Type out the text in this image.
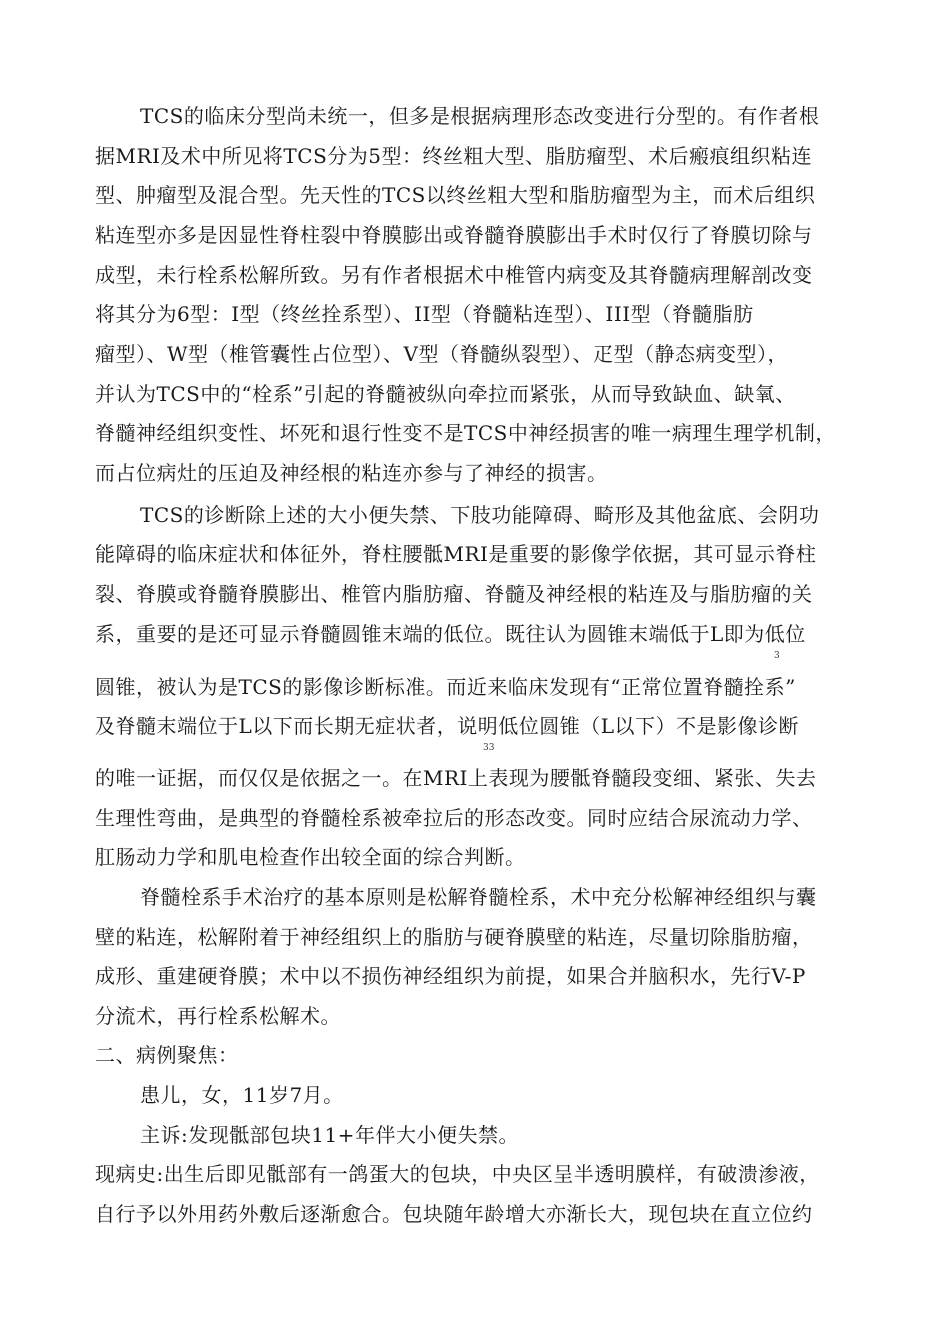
TCS的临床分型尚未统一，但多是根据病理形态改变进行分型的。有作者根
据MRI及术中所见将TCS分为5型：终丝粗大型、脂肪瘤型、术后瘢痕组织粘连
型、肿瘤型及混合型。先天性的TCS以终丝粗大型和脂肪瘤型为主，而术后组织
粘连型亦多是因显性脊柱裂中脊膜膨出或脊髓脊膜膨出手术时仅行了脊膜切除与
成型，未行栓系松解所致。另有作者根据术中椎管内病变及其脊髓病理解剖改变
将其分为6型：I型（终丝拴系型）、II型（脊髓粘连型）、III型（脊髓脂肪
瘤型）、W型（椎管囊性占位型）、V型（脊髓纵裂型）、疋型（静态病变型），
并认为TCS中的“栓系”引起的脊髓被纵向牵拉而紧张，从而导致缺血、缺氧、
脊髓神经组织变性、坏死和退行性变不是TCS中神经损害的唯一病理生理学机制，
而占位病灶的压迫及神经根的粘连亦参与了神经的损害。
TCS的诊断除上述的大小便失禁、下肢功能障碍、畸形及其他盆底、会阴功
能障碍的临床症状和体征外，脊柱腰骶MRI是重要的影像学依据，其可显示脊柱
裂、脊膜或脊髓脊膜膨出、椎管内脂肪瘤、脊髓及神经根的粘连及与脂肪瘤的关
系，重要的是还可显示脊髓圆锥末端的低位。既往认为圆锥末端低于L即为低位
3
圆锥，被认为是TCS的影像诊断标准。而近来临床发现有“正常位置脊髓拴系”
及脊髓末端位于L以下而长期无症状者，说明低位圆锥（L以下）不是影像诊断
33
的唯一证据，而仅仅是依据之一。在MRI上表现为腰骶脊髓段变细、紧张、失去
生理性弯曲，是典型的脊髓栓系被牵拉后的形态改变。同时应结合尿流动力学、
肛肠动力学和肌电检查作出较全面的综合判断。
脊髓栓系手术治疗的基本原则是松解脊髓栓系，术中充分松解神经组织与囊
壁的粘连，松解附着于神经组织上的脂肪与硬脊膜壁的粘连，尽量切除脂肪瘤，
成形、重建硬脊膜；术中以不损伤神经组织为前提，如果合并脑积水，先行V-P
分流术，再行栓系松解术。
二、病例聚焦：
患儿，女，11岁7月。
主诉:发现骶部包块11+年伴大小便失禁。
现病史:出生后即见骶部有一鸽蛋大的包块，中央区呈半透明膜样，有破溃渗液，
自行予以外用药外敷后逐渐愈合。包块随年龄增大亦渐长大，现包块在直立位约
